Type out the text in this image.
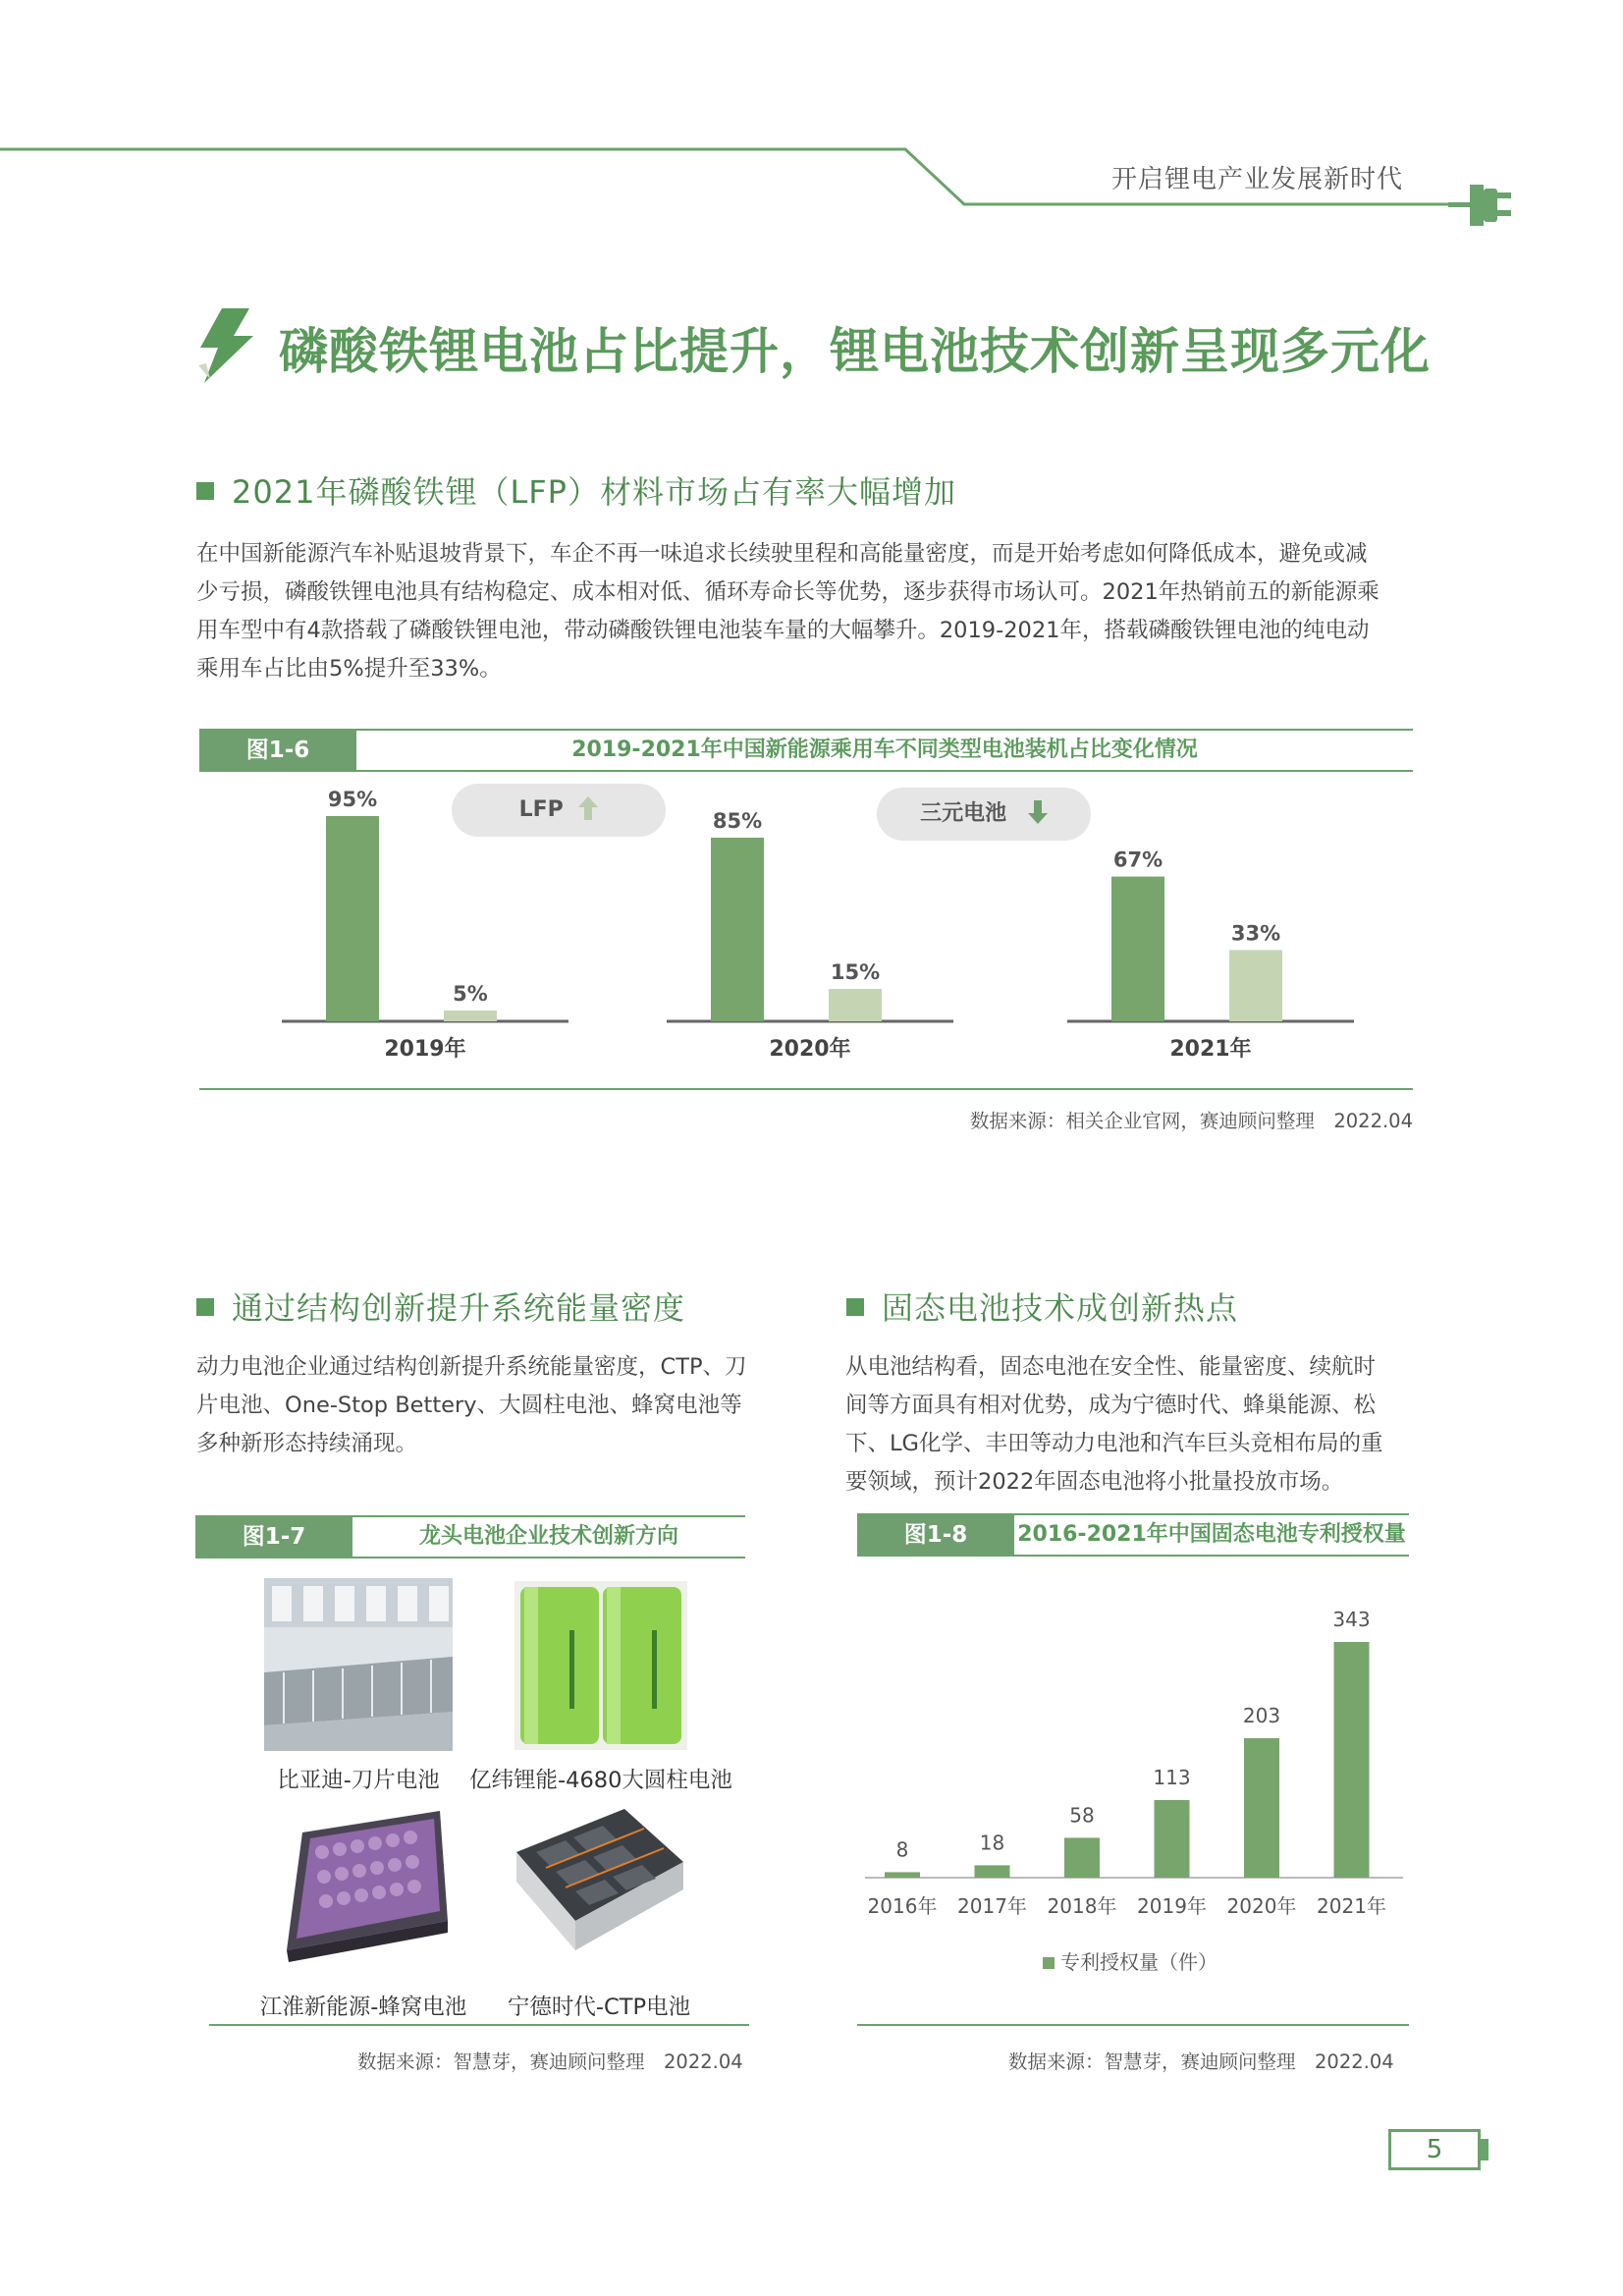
开启锂电产业发展新时代
磷酸铁锂电池占比提升，锂电池技术创新呈现多元化
2021年磷酸铁锂（LFP）材料市场占有率大幅增加
在中国新能源汽车补贴退坡背景下，车企不再一味追求长续驶里程和高能量密度，而是开始考虑如何降低成本，避免或减
少亏损，磷酸铁锂电池具有结构稳定、成本相对低、循环寿命长等优势，逐步获得市场认可。2021年热销前五的新能源乘
用车型中有4款搭载了磷酸铁锂电池，带动磷酸铁锂电池装车量的大幅攀升。2019-2021年，搭载磷酸铁锂电池的纯电动
乘用车占比由5%提升至33%。
图1-6	2019-2021年中国新能源乘用车不同类型电池装机占比变化情况
LFP	三元电池
95%
5%
2019年
85%
15%
2020年
67%
33%
2021年
数据来源：相关企业官网，赛迪顾问整理　2022.04
通过结构创新提升系统能量密度
动力电池企业通过结构创新提升系统能量密度，CTP、刀
片电池、One-Stop Bettery、大圆柱电池、蜂窝电池等
多种新形态持续涌现。
固态电池技术成创新热点
从电池结构看，固态电池在安全性、能量密度、续航时
间等方面具有相对优势，成为宁德时代、蜂巢能源、松
下、LG化学、丰田等动力电池和汽车巨头竞相布局的重
要领域，预计2022年固态电池将小批量投放市场。
图1-7	龙头电池企业技术创新方向
比亚迪-刀片电池	亿纬锂能-4680大圆柱电池
江淮新能源-蜂窝电池	宁德时代-CTP电池
数据来源：智慧芽，赛迪顾问整理　2022.04
图1-8	2016-2021年中国固态电池专利授权量
8
2016年
18
2017年
58
2018年
113
2019年
203
2020年
343
2021年
专利授权量（件）
数据来源：智慧芽，赛迪顾问整理　2022.04
5
